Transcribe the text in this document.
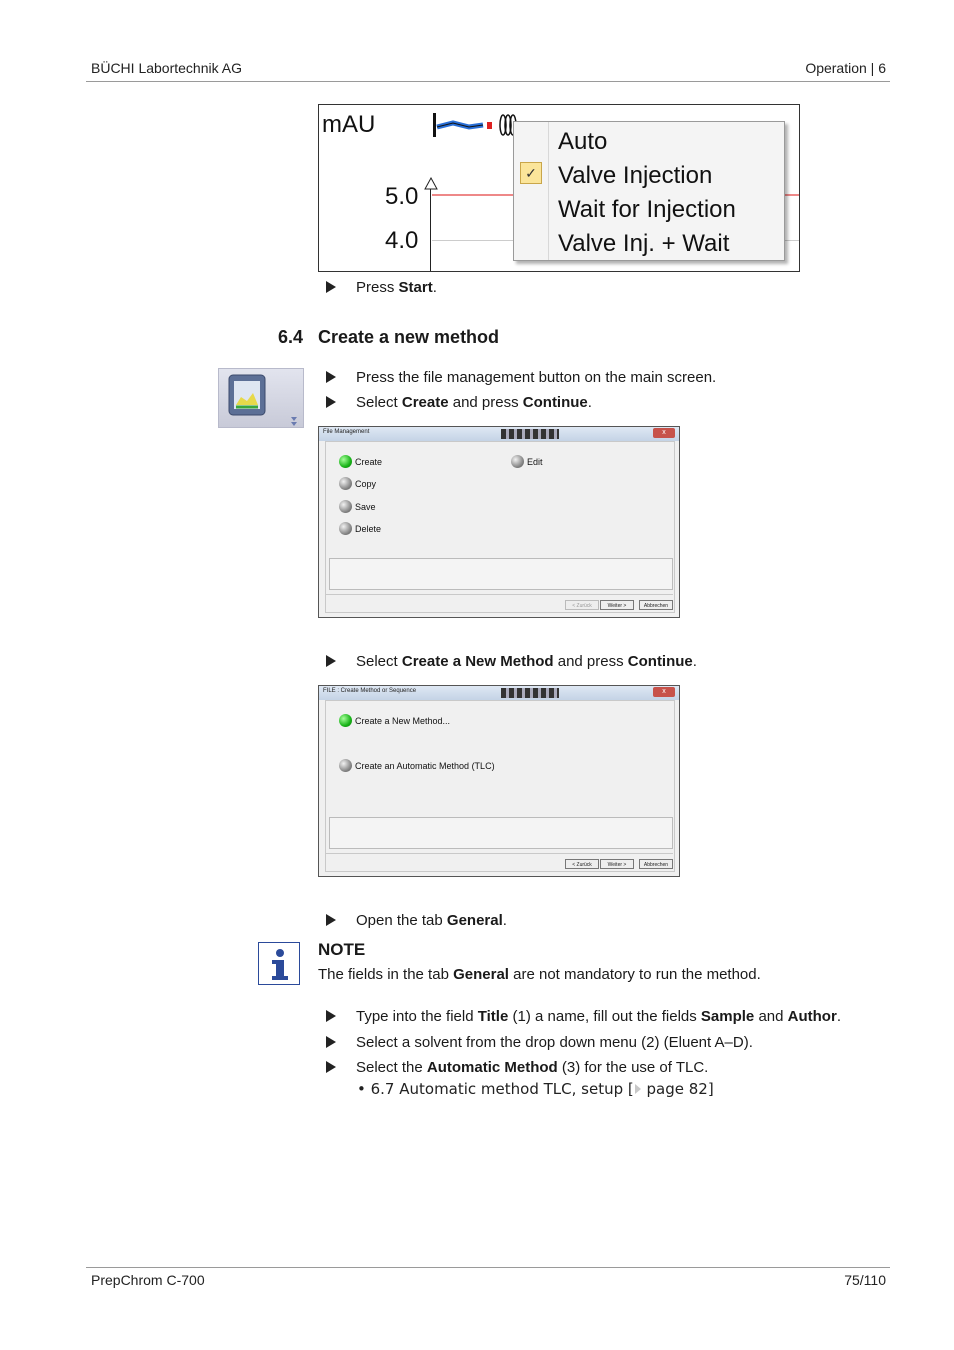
BÜCHI Labortechnik AG	Operation | 6
mAU
5.0
4.0
✓
Auto
Valve Injection
Wait for Injection
Valve Inj. + Wait
Press Start.
6.4 Create a new method
Press the file management button on the main screen.
Select Create and press Continue.
File Management	x
Create
Copy
Save
Delete
Edit
< Zurück	Weiter >	Abbrechen
Select Create a New Method and press Continue.
FILE : Create Method or Sequence	x
Create a New Method...
Create an Automatic Method (TLC)
< Zurück	Weiter >	Abbrechen
Open the tab General.
NOTE
The fields in the tab General are not mandatory to run the method.
Type into the field Title (1) a name, fill out the fields Sample and Author.
Select a solvent from the drop down menu (2) (Eluent A–D).
Select the Automatic Method (3) for the use of TLC.
• 6.7 Automatic method TLC, setup [ page 82]
PrepChrom C-700	75/110
